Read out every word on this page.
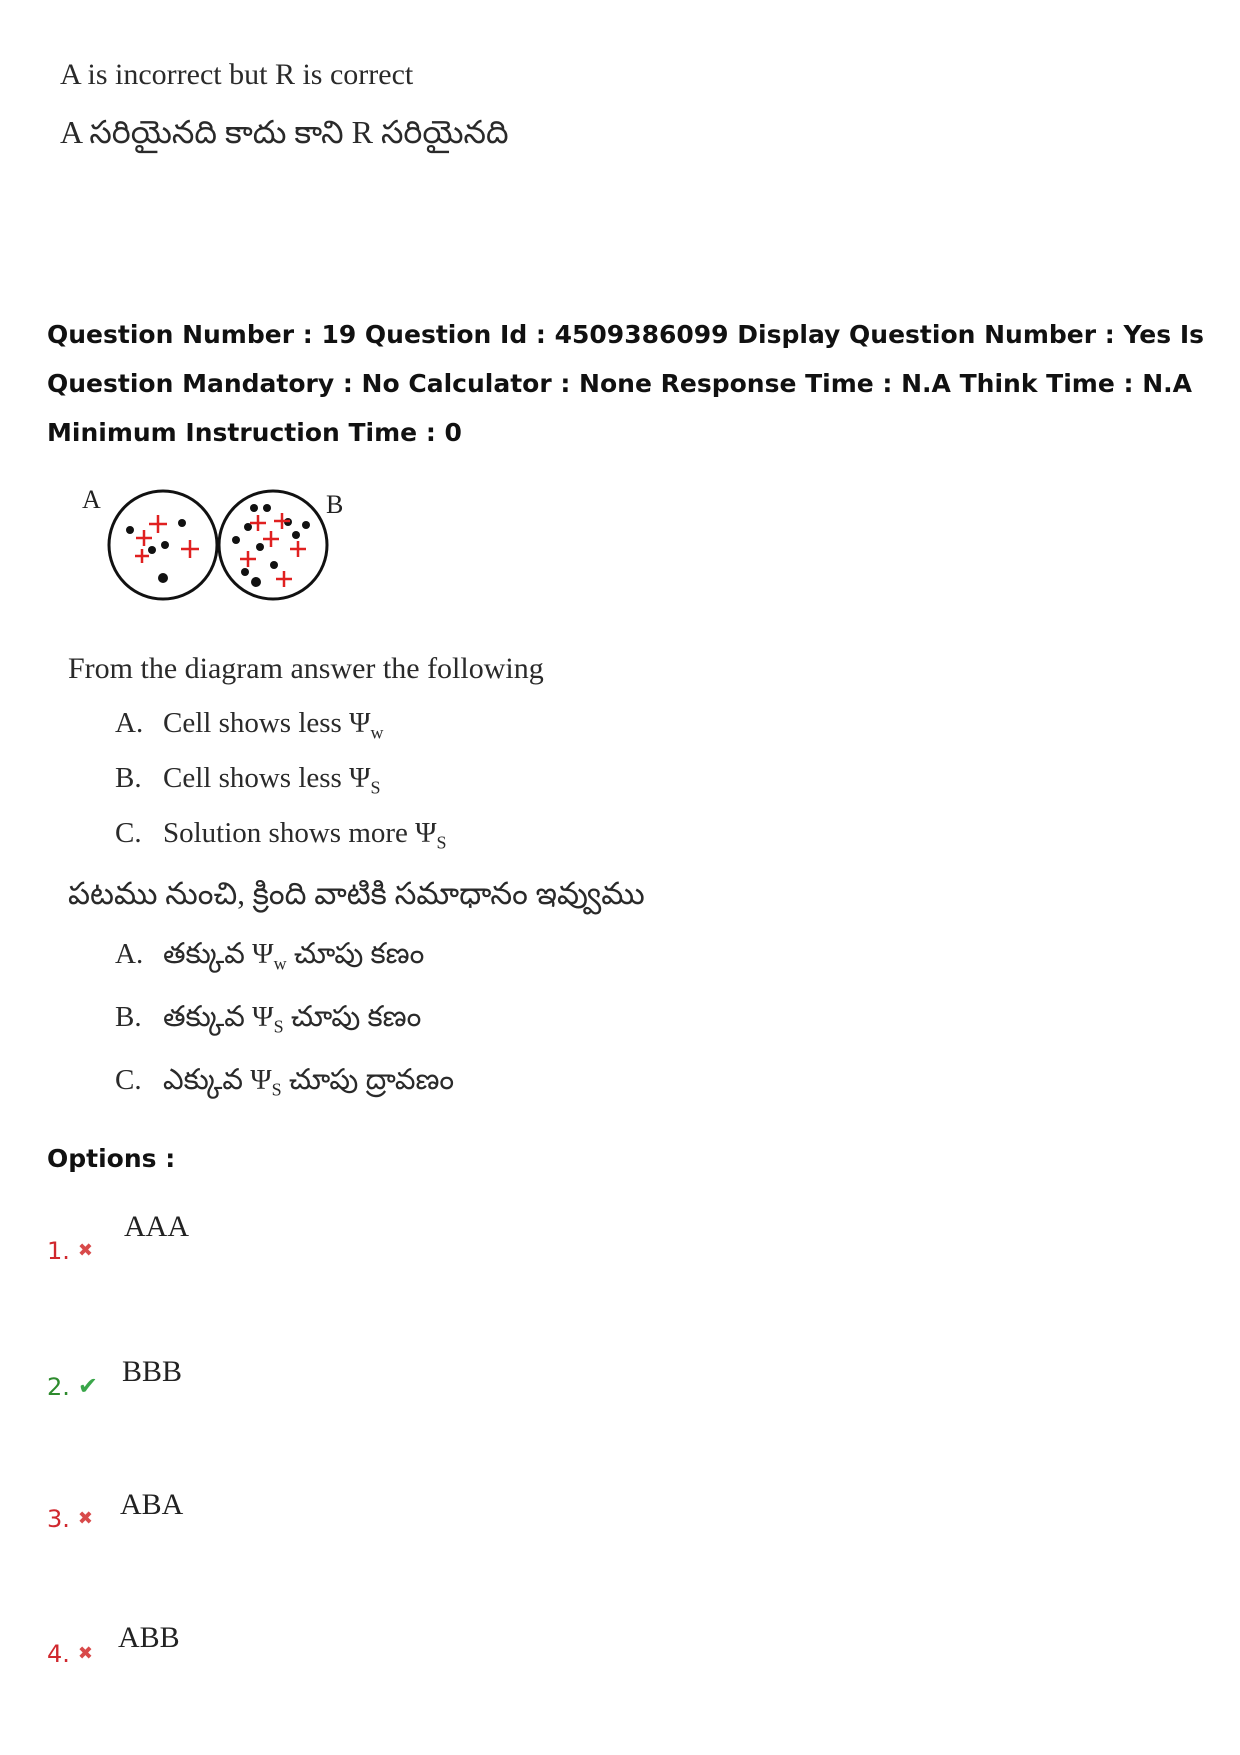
A is incorrect but R is correct
A సరియైనది కాదు కాని R సరియైనది
Question Number : 19 Question Id : 4509386099 Display Question Number : Yes Is Question Mandatory : No Calculator : None Response Time : N.A Think Time : N.A Minimum Instruction Time : 0
A	B
From the diagram answer the following
A. Cell shows less $\Psi_w$
B. Cell shows less $\Psi_S$
C. Solution shows more $\Psi_S$
పటము నుంచి, క్రింది వాటికి సమాధానం ఇవ్వుము
A. తక్కువ $\Psi_w$ చూపు కణం
B. తక్కువ $\Psi_S$ చూపు కణం
C. ఎక్కువ $\Psi_S$ చూపు ద్రావణం
Options :
1. ✖
AAA
2. ✔ BBB
3. ✖ ABA
4. ✖ ABB
